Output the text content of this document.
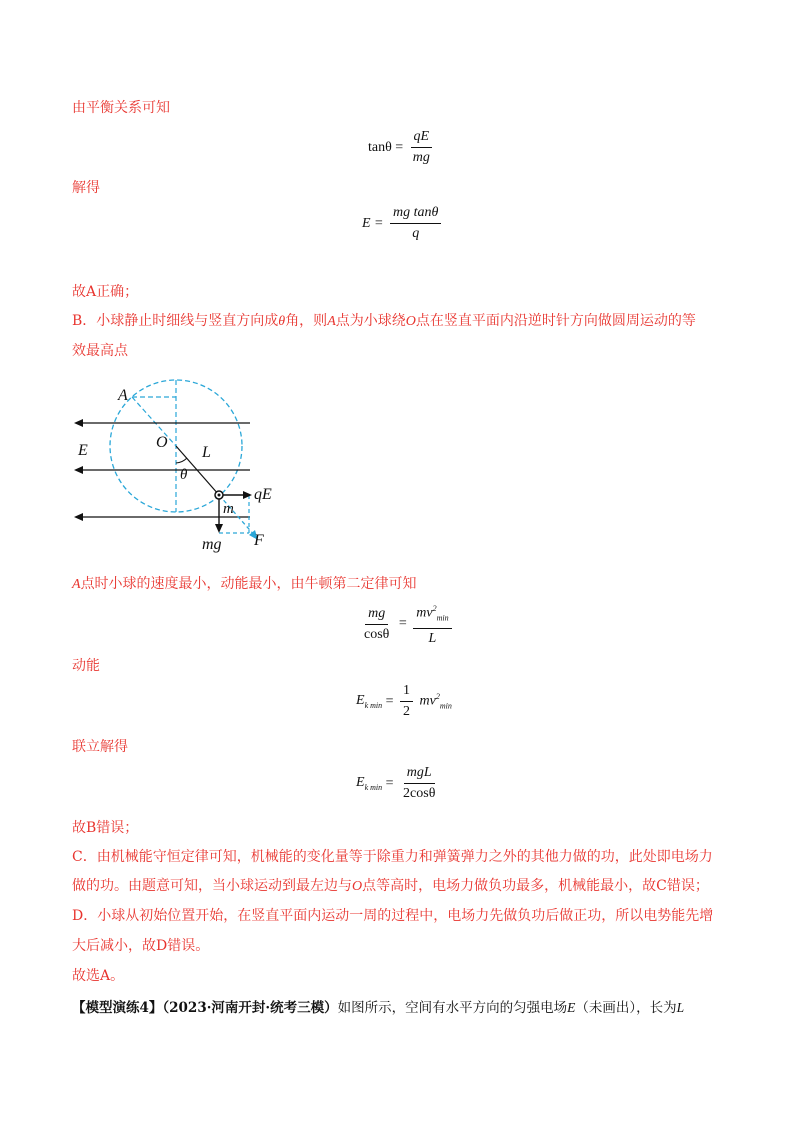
由平衡关系可知
$\tan\theta = \frac{qE}{mg}$
解得
$E = \frac{\text{mg tanθ}}{q}$
故A正确；
B．小球静止时细线与竖直方向成θ角，则A点为小球绕O点在竖直平面内沿逆时针方向做圆周运动的等
效最高点
A
O
E	L
θ
qE
m
mg F
A点时小球的速度最小，动能最小，由牛顿第二定律可知
$\frac{mg}{\cos\theta} = \frac{mv^2_{min}}{L}$
动能
$E_{k min} = \frac{1}{2} mv^2_{min}$
联立解得
$E_{k min} = \frac{\text{mgL}}{2\cos\theta}$
故B错误；
C．由机械能守恒定律可知，机械能的变化量等于除重力和弹簧弹力之外的其他力做的功，此处即电场力
做的功。由题意可知，当小球运动到最左边与O点等高时，电场力做负功最多，机械能最小，故C错误；
D．小球从初始位置开始，在竖直平面内运动一周的过程中，电场力先做负功后做正功，所以电势能先增
大后减小，故D错误。
故选A。
【模型演练4】（2023·河南开封·统考三模）如图所示，空间有水平方向的匀强电场E（未画出），长为L
